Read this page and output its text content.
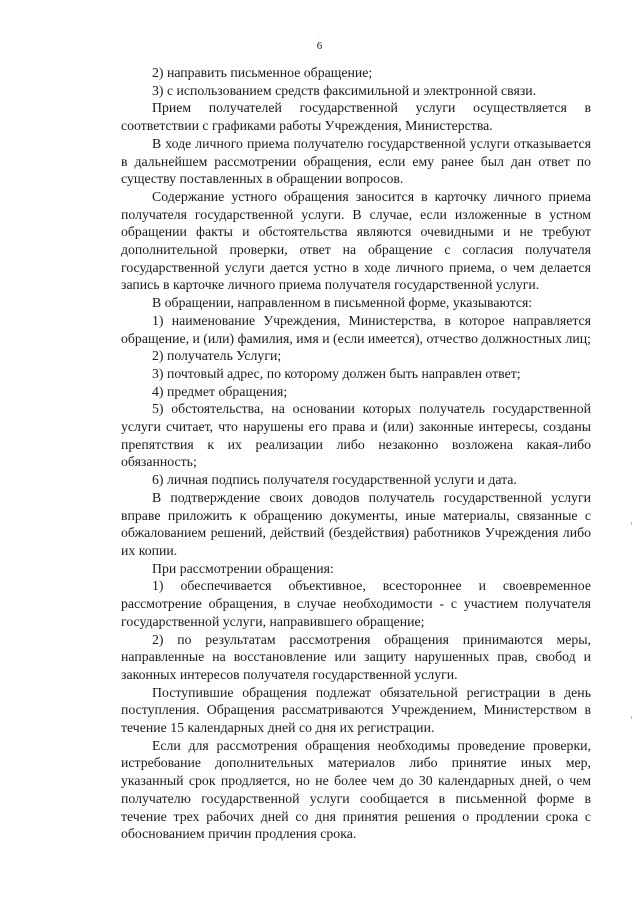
6

2) направить письменное обращение;

3) с использованием средств факсимильной и электронной связи.

Прием получателей государственной услуги осуществляется в соответствии с графиками работы Учреждения, Министерства.

В ходе личного приема получателю государственной услуги отказывается в дальнейшем рассмотрении обращения, если ему ранее был дан ответ по существу поставленных в обращении вопросов.

Содержание устного обращения заносится в карточку личного приема получателя государственной услуги. В случае, если изложенные в устном обращении факты и обстоятельства являются очевидными и не требуют дополнительной проверки, ответ на обращение с согласия получателя государственной услуги дается устно в ходе личного приема, о чем делается запись в карточке личного приема получателя государственной услуги.

В обращении, направленном в письменной форме, указываются:

1) наименование Учреждения, Министерства, в которое направляется обращение, и (или) фамилия, имя и (если имеется), отчество должностных лиц;

2) получатель Услуги;

3) почтовый адрес, по которому должен быть направлен ответ;

4) предмет обращения;

5) обстоятельства, на основании которых получатель государственной услуги считает, что нарушены его права и (или) законные интересы, созданы препятствия к их реализации либо незаконно возложена какая-либо обязанность;

6) личная подпись получателя государственной услуги и дата.

В подтверждение своих доводов получатель государственной услуги вправе приложить к обращению документы, иные материалы, связанные с обжалованием решений, действий (бездействия) работников Учреждения либо их копии.

При рассмотрении обращения:

1) обеспечивается объективное, всестороннее и своевременное рассмотрение обращения, в случае необходимости - с участием получателя государственной услуги, направившего обращение;

2) по результатам рассмотрения обращения принимаются меры, направленные на восстановление или защиту нарушенных прав, свобод и законных интересов получателя государственной услуги.

Поступившие обращения подлежат обязательной регистрации в день поступления. Обращения рассматриваются Учреждением, Министерством в течение 15 календарных дней со дня их регистрации.

Если для рассмотрения обращения необходимы проведение проверки, истребование дополнительных материалов либо принятие иных мер, указанный срок продляется, но не более чем до 30 календарных дней, о чем получателю государственной услуги сообщается в письменной форме в течение трех рабочих дней со дня принятия решения о продлении срока с обоснованием причин продления срока.
